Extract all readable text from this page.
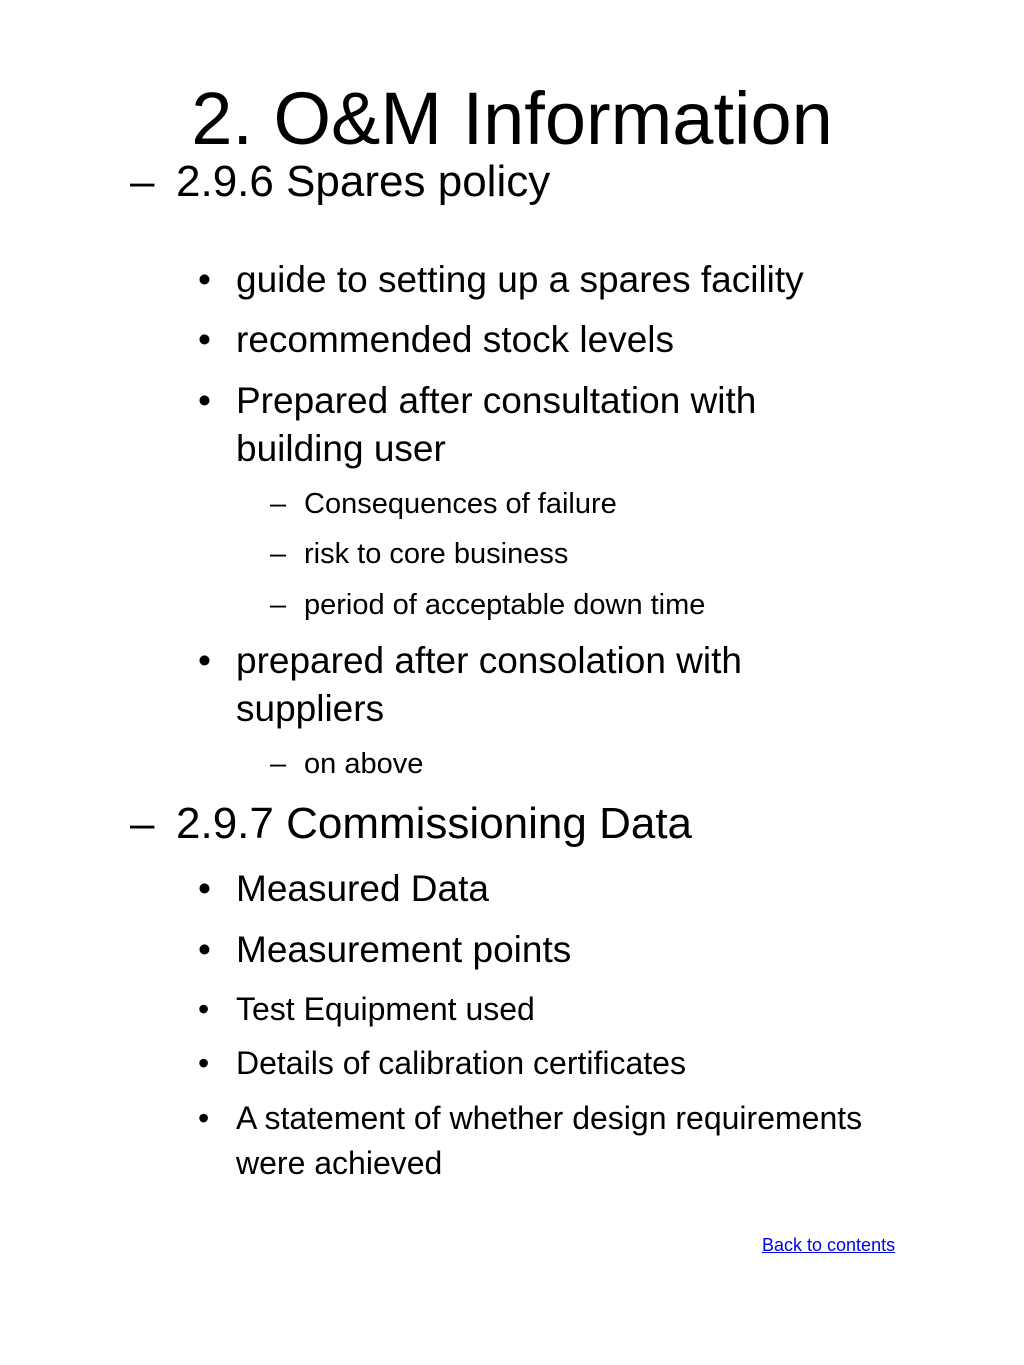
2. O&M Information
– 2.9.6 Spares policy
• guide to setting up a spares facility
• recommended stock levels
• Prepared after consultation with
building user
– Consequences of failure
– risk to core business
– period of acceptable down time
• prepared after consolation with
suppliers
– on above
– 2.9.7 Commissioning Data
• Measured Data
• Measurement points
• Test Equipment used
• Details of calibration certificates
• A statement of whether design requirements
were achieved
Back to contents
